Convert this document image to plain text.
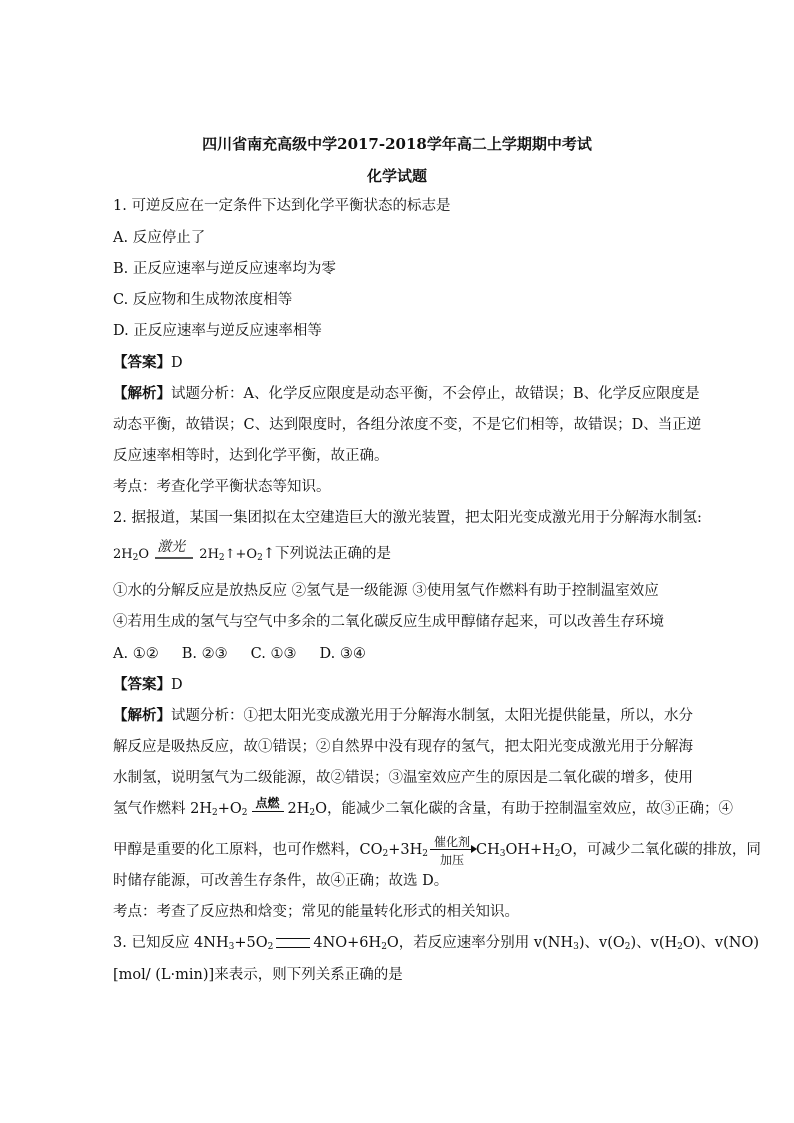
四川省南充高级中学2017-2018学年高二上学期期中考试
化学试题
1. 可逆反应在一定条件下达到化学平衡状态的标志是
A. 反应停止了
B. 正反应速率与逆反应速率均为零
C. 反应物和生成物浓度相等
D. 正反应速率与逆反应速率相等
【答案】D
【解析】试题分析：A、化学反应限度是动态平衡，不会停止，故错误；B、化学反应限度是
动态平衡，故错误；C、达到限度时，各组分浓度不变，不是它们相等，故错误；D、当正逆
反应速率相等时，达到化学平衡，故正确。
考点：考查化学平衡状态等知识。
2. 据报道，某国一集团拟在太空建造巨大的激光装置，把太阳光变成激光用于分解海水制氢:
$2H_2O$ 激光 $2H_2↑+O_2↑$下列说法正确的是
①水的分解反应是放热反应 ②氢气是一级能源 ③使用氢气作燃料有助于控制温室效应
④若用生成的氢气与空气中多余的二氧化碳反应生成甲醇储存起来，可以改善生存环境
A. ①②     B. ②③     C. ①③     D. ③④
【答案】D
【解析】试题分析：①把太阳光变成激光用于分解海水制氢，太阳光提供能量，所以，水分
解反应是吸热反应，故①错误；②自然界中没有现存的氢气，把太阳光变成激光用于分解海
水制氢，说明氢气为二级能源，故②错误；③温室效应产生的原因是二氧化碳的增多，使用
氢气作燃料 $2H_2+O_2$
点燃 $2H_2O$，能减少二氧化碳的含量，有助于控制温室效应，故③正确；④
甲醇是重要的化工原料，也可作燃料，$CO_2+3H_2$
催化剂
加压
$CH_3OH+H_2O$，可减少二氧化碳的排放，同
时储存能源，可改善生存条件，故④正确；故选 D。
考点：考查了反应热和焓变；常见的能量转化形式的相关知识。
3. 已知反应 $4NH_3+5O_2$	$4NO+6H_2O$，若反应速率分别用 $v(NH_3)$、$v(O_2)$、$v(H_2O)$、v(NO)
[mol/ (L·min)]来表示，则下列关系正确的是
